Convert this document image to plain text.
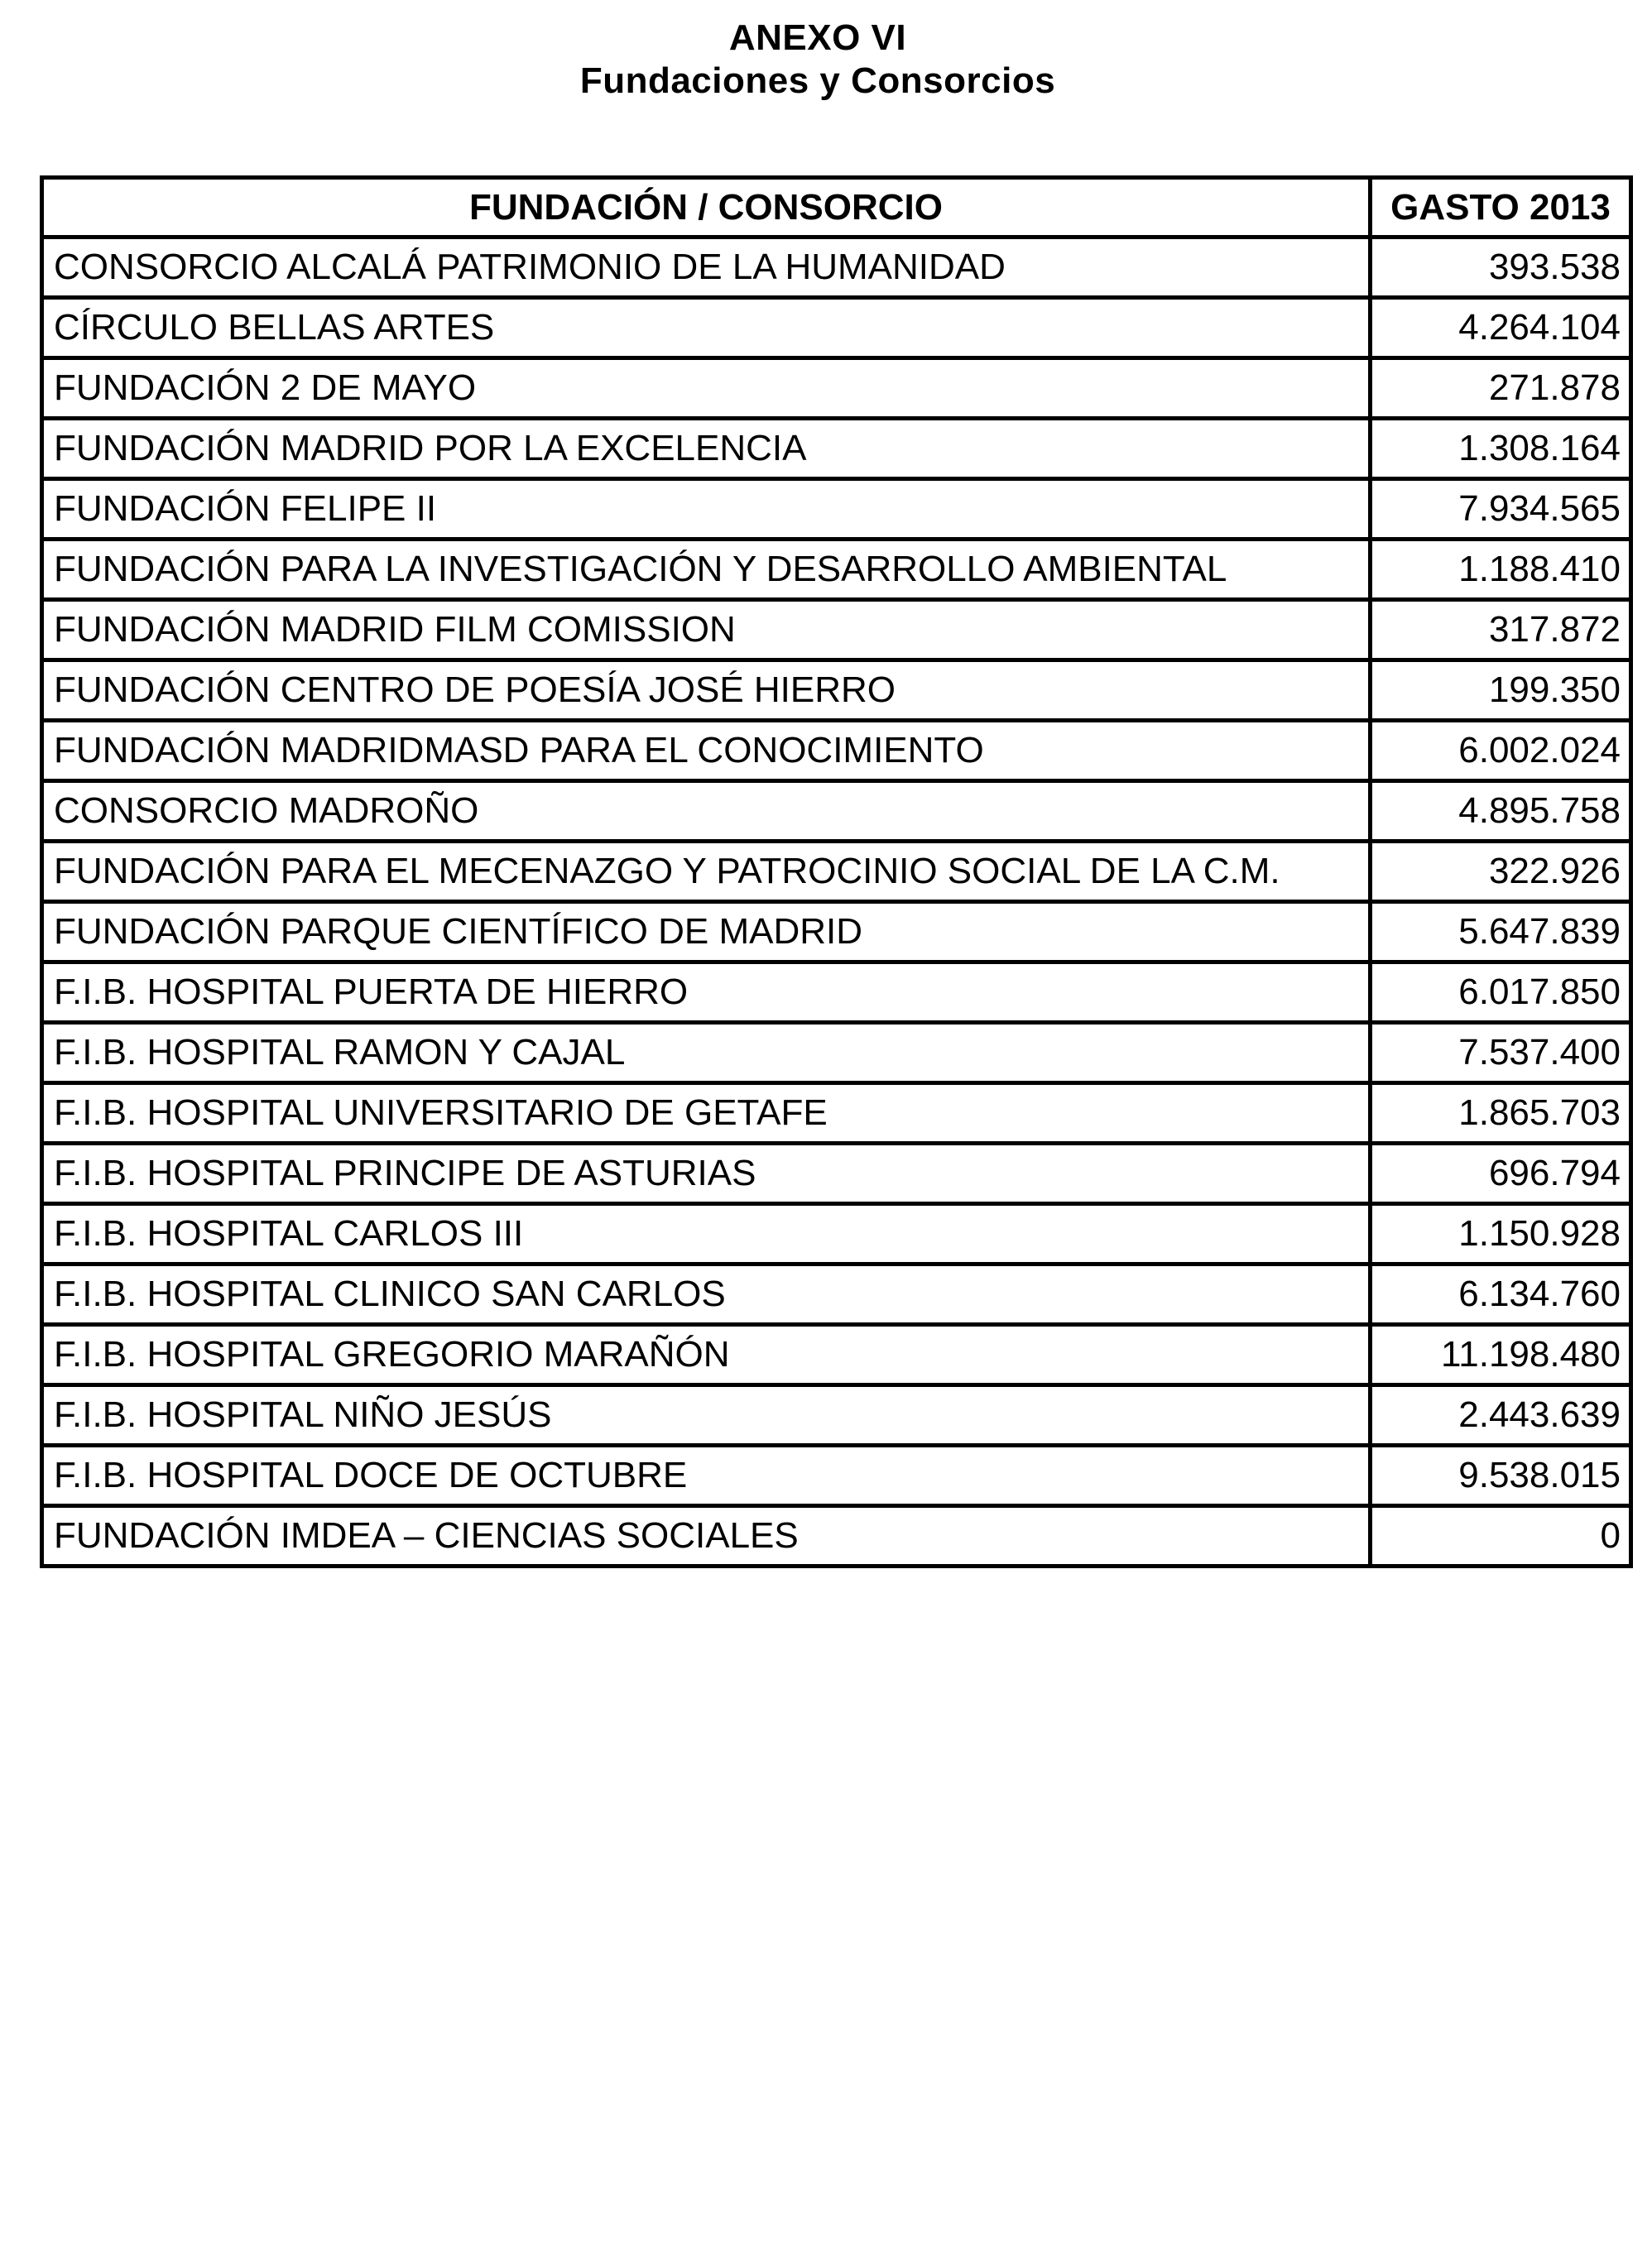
ANEXO VI
Fundaciones y Consorcios
FUNDACIÓN / CONSORCIO	GASTO 2013
CONSORCIO ALCALÁ PATRIMONIO DE LA HUMANIDAD	393.538
CÍRCULO BELLAS ARTES	4.264.104
FUNDACIÓN 2 DE MAYO	271.878
FUNDACIÓN MADRID POR LA EXCELENCIA	1.308.164
FUNDACIÓN FELIPE II	7.934.565
FUNDACIÓN PARA LA INVESTIGACIÓN Y DESARROLLO AMBIENTAL	1.188.410
FUNDACIÓN MADRID FILM COMISSION	317.872
FUNDACIÓN CENTRO DE POESÍA JOSÉ HIERRO	199.350
FUNDACIÓN MADRIDMASD PARA EL CONOCIMIENTO	6.002.024
CONSORCIO MADROÑO	4.895.758
FUNDACIÓN PARA EL MECENAZGO Y PATROCINIO SOCIAL DE LA C.M.	322.926
FUNDACIÓN PARQUE CIENTÍFICO DE MADRID	5.647.839
F.I.B. HOSPITAL PUERTA DE HIERRO	6.017.850
F.I.B. HOSPITAL RAMON Y CAJAL	7.537.400
F.I.B. HOSPITAL UNIVERSITARIO DE GETAFE	1.865.703
F.I.B. HOSPITAL PRINCIPE DE ASTURIAS	696.794
F.I.B. HOSPITAL CARLOS III	1.150.928
F.I.B. HOSPITAL CLINICO SAN CARLOS	6.134.760
F.I.B. HOSPITAL GREGORIO MARAÑÓN	11.198.480
F.I.B. HOSPITAL NIÑO JESÚS	2.443.639
F.I.B. HOSPITAL DOCE DE OCTUBRE	9.538.015
FUNDACIÓN IMDEA – CIENCIAS SOCIALES	0
